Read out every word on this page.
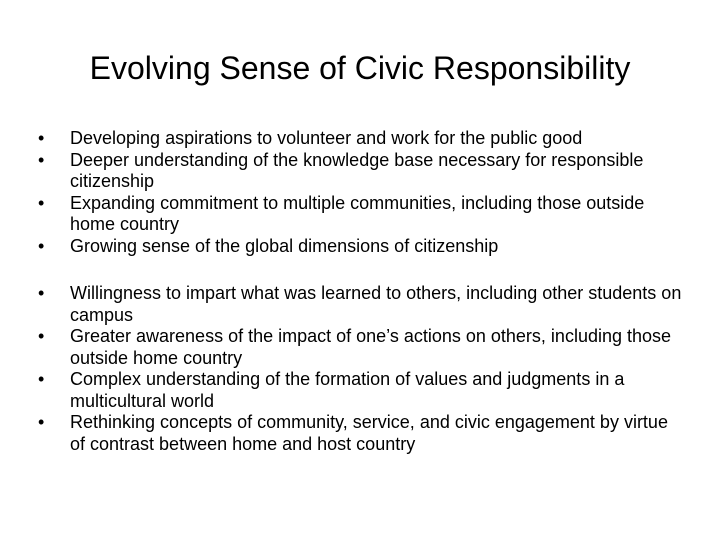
Evolving Sense of Civic Responsibility
•	Developing aspirations to volunteer and work for the public good
•	Deeper understanding of the knowledge base necessary for responsible citizenship
•	Expanding commitment to multiple communities, including those outside home country
•	Growing sense of the global dimensions of citizenship
•	Willingness to impart what was learned to others, including other students on campus
•	Greater awareness of the impact of one’s actions on others, including those outside home country
•	Complex understanding of the formation of values and judgments in a multicultural world
•	Rethinking concepts of community, service, and civic engagement by virtue of contrast between home and host country
